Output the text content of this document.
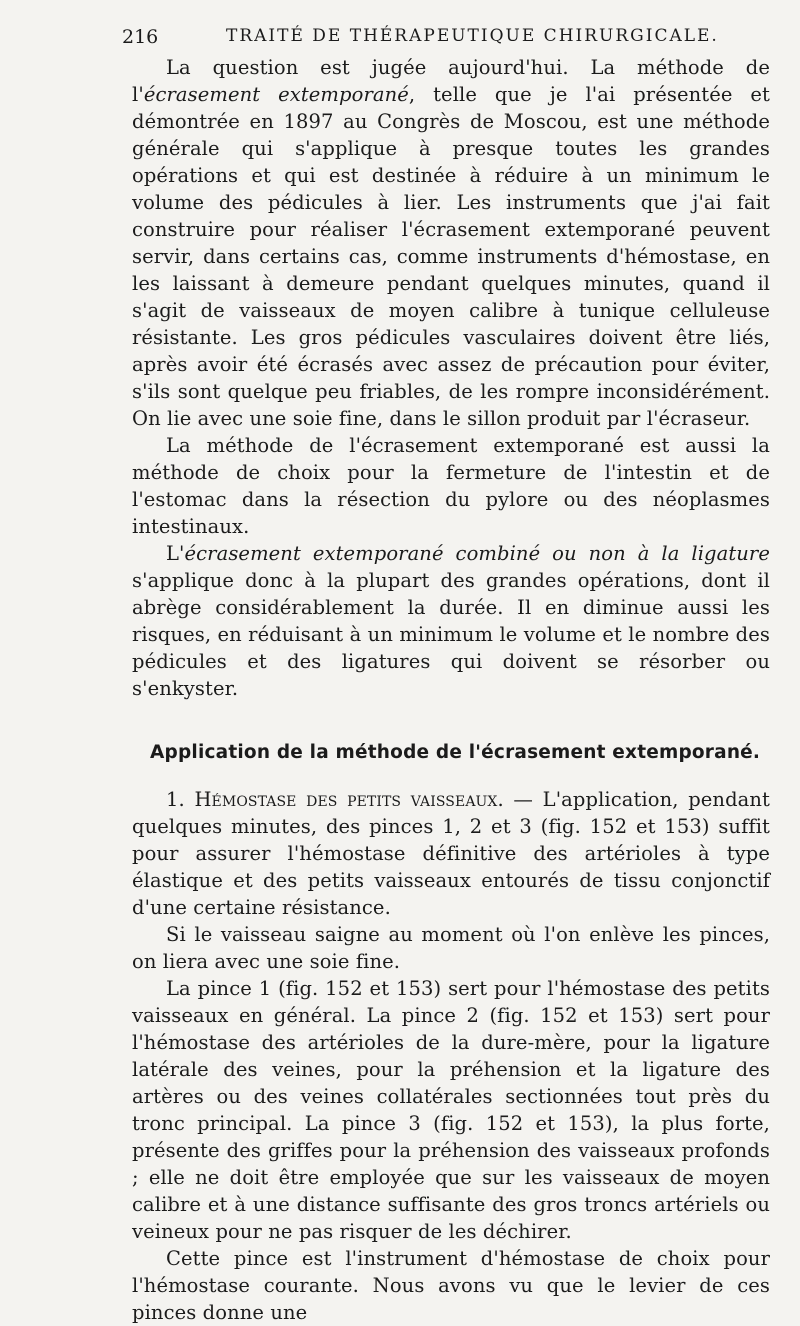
216	TRAITÉ DE THÉRAPEUTIQUE CHIRURGICALE.

La question est jugée aujourd'hui. La méthode de l'écrasement extemporané, telle que je l'ai présentée et démontrée en 1897 au Congrès de Moscou, est une méthode générale qui s'applique à presque toutes les grandes opérations et qui est destinée à réduire à un minimum le volume des pédicules à lier. Les instruments que j'ai fait construire pour réaliser l'écrasement extemporané peuvent servir, dans certains cas, comme instruments d'hémostase, en les laissant à demeure pendant quelques minutes, quand il s'agit de vaisseaux de moyen calibre à tunique celluleuse résistante. Les gros pédicules vasculaires doivent être liés, après avoir été écrasés avec assez de précaution pour éviter, s'ils sont quelque peu friables, de les rompre inconsidérément. On lie avec une soie fine, dans le sillon produit par l'écraseur.

La méthode de l'écrasement extemporané est aussi la méthode de choix pour la fermeture de l'intestin et de l'estomac dans la résection du pylore ou des néoplasmes intestinaux.

L'écrasement extemporané combiné ou non à la ligature s'applique donc à la plupart des grandes opérations, dont il abrège considérablement la durée. Il en diminue aussi les risques, en réduisant à un minimum le volume et le nombre des pédicules et des ligatures qui doivent se résorber ou s'enkyster.

Application de la méthode de l'écrasement extemporané.

1. Hémostase des petits vaisseaux. — L'application, pendant quelques minutes, des pinces 1, 2 et 3 (fig. 152 et 153) suffit pour assurer l'hémostase définitive des artérioles à type élastique et des petits vaisseaux entourés de tissu conjonctif d'une certaine résistance.

Si le vaisseau saigne au moment où l'on enlève les pinces, on liera avec une soie fine.

La pince 1 (fig. 152 et 153) sert pour l'hémostase des petits vaisseaux en général. La pince 2 (fig. 152 et 153) sert pour l'hémostase des artérioles de la dure-mère, pour la ligature latérale des veines, pour la préhension et la ligature des artères ou des veines collatérales sectionnées tout près du tronc principal. La pince 3 (fig. 152 et 153), la plus forte, présente des griffes pour la préhension des vaisseaux profonds ; elle ne doit être employée que sur les vaisseaux de moyen calibre et à une distance suffisante des gros troncs artériels ou veineux pour ne pas risquer de les déchirer.

Cette pince est l'instrument d'hémostase de choix pour l'hémostase courante. Nous avons vu que le levier de ces pinces donne une
